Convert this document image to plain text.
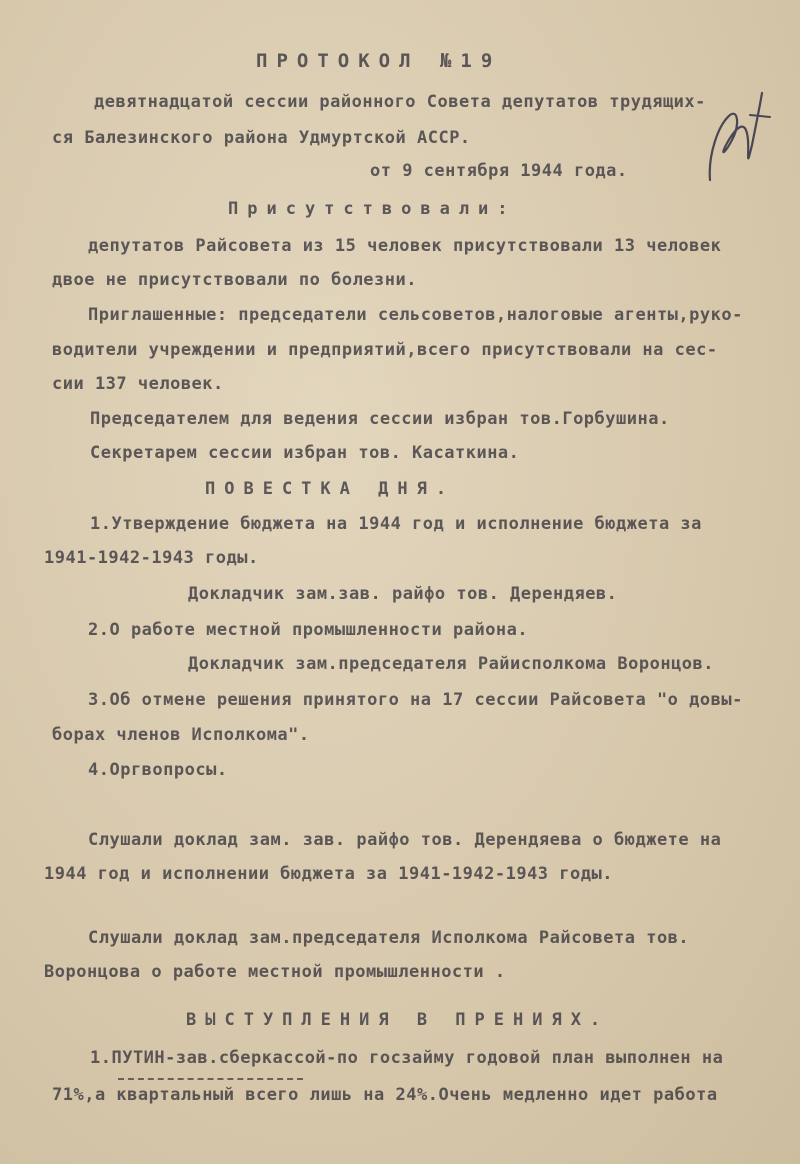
ПРОТОКОЛ №19
девятнадцатой сессии районного Совета депутатов трудящих-
ся Балезинского района Удмуртской АССР.
от 9 сентября 1944 года.
Присутствовали:
депутатов Райсовета из 15 человек присутствовали 13 человек
двое не присутствовали по болезни.
Приглашенные: председатели сельсоветов,налоговые агенты,руко-
водители учреждении и предприятий,всего присутствовали на сес-
сии 137 человек.
Председателем для ведения сессии избран тов.Горбушина.
Секретарем сессии избран тов. Касаткина.
ПОВЕСТКА ДНЯ.
1.Утверждение бюджета на 1944 год и исполнение бюджета за
1941-1942-1943 годы.
Докладчик зам.зав. райфо тов. Дерендяев.
2.О работе местной промышленности района.
Докладчик зам.председателя Райисполкома Воронцов.
3.Об отмене решения принятого на 17 сессии Райсовета "о довы-
борах членов Исполкома".
4.Оргвопросы.
Слушали доклад зам. зав. райфо тов. Дерендяева о бюджете на
1944 год и исполнении бюджета за 1941-1942-1943 годы.
Слушали доклад зам.председателя Исполкома Райсовета тов.
Воронцова о работе местной промышленности .
ВЫСТУПЛЕНИЯ В ПРЕНИЯХ.
1.ПУТИН-зав.сберкассой-по госзайму годовой план выполнен на
71%,а квартальный всего лишь на 24%.Очень медленно идет работа
